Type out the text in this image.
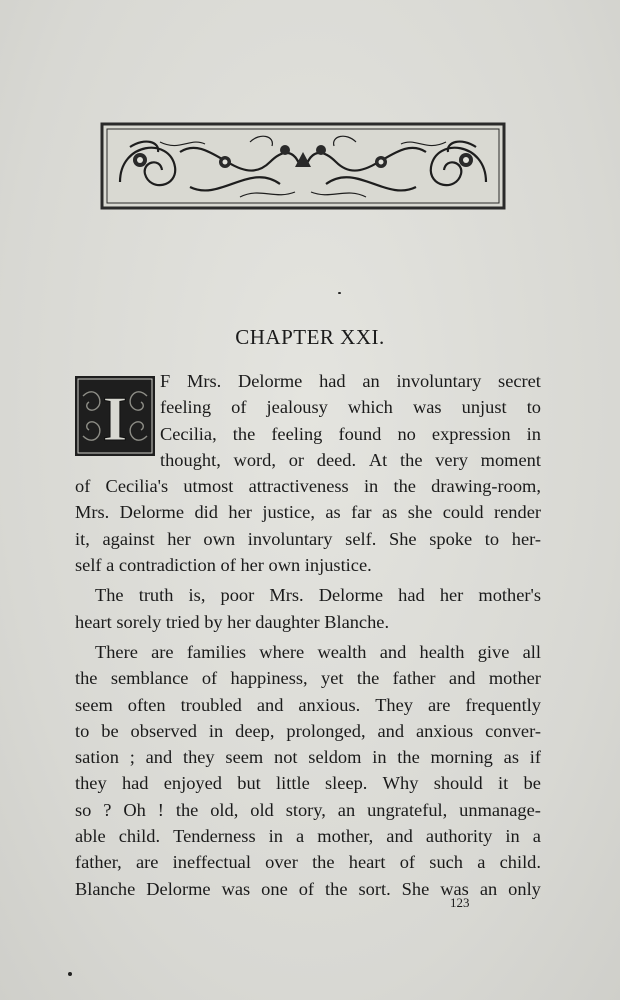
CHAPTER XXI.
I
F Mrs. Delorme had an involuntary secret
feeling of jealousy which was unjust to
Cecilia, the feeling found no expression in
thought, word, or deed. At the very moment
of Cecilia's utmost attractiveness in the drawing-room,
Mrs. Delorme did her justice, as far as she could render
it, against her own involuntary self. She spoke to her-
self a contradiction of her own injustice.
The truth is, poor Mrs. Delorme had her mother's
heart sorely tried by her daughter Blanche.
There are families where wealth and health give all
the semblance of happiness, yet the father and mother
seem often troubled and anxious. They are frequently
to be observed in deep, prolonged, and anxious conver-
sation ; and they seem not seldom in the morning as if
they had enjoyed but little sleep. Why should it be
so ? Oh ! the old, old story, an ungrateful, unmanage-
able child. Tenderness in a mother, and authority in a
father, are ineffectual over the heart of such a child.
Blanche Delorme was one of the sort. She was an only
123
